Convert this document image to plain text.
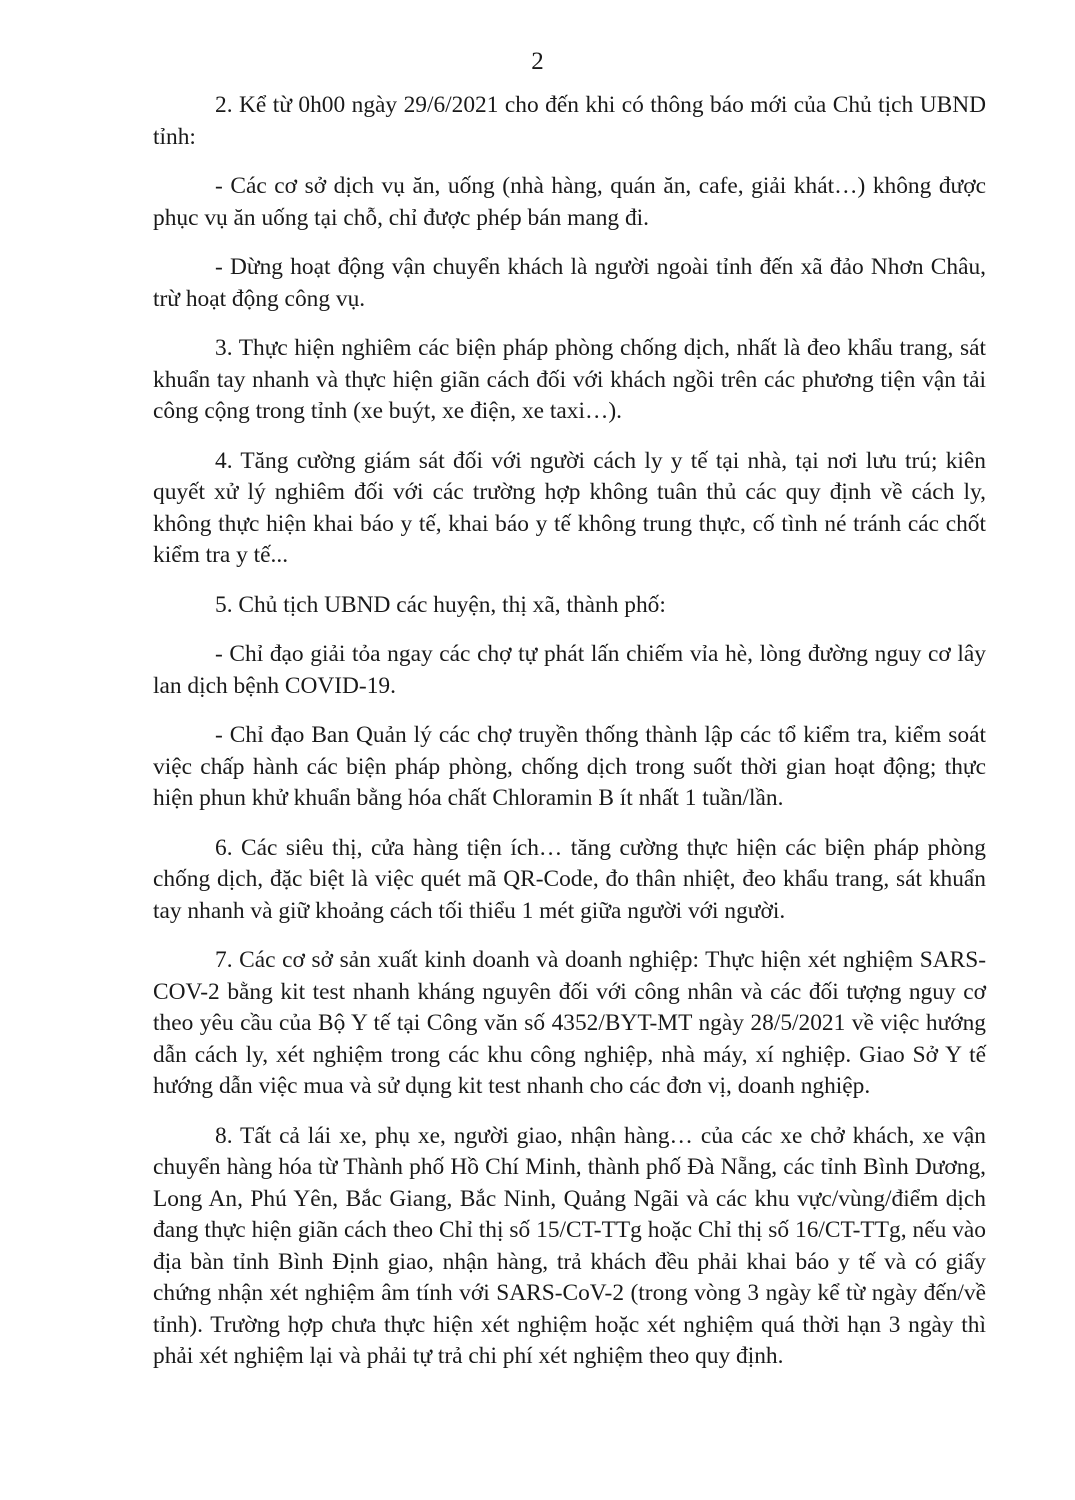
2

2. Kể từ 0h00 ngày 29/6/2021 cho đến khi có thông báo mới của Chủ tịch UBND tỉnh:

- Các cơ sở dịch vụ ăn, uống (nhà hàng, quán ăn, cafe, giải khát…) không được phục vụ ăn uống tại chỗ, chỉ được phép bán mang đi.

- Dừng hoạt động vận chuyển khách là người ngoài tỉnh đến xã đảo Nhơn Châu, trừ hoạt động công vụ.

3. Thực hiện nghiêm các biện pháp phòng chống dịch, nhất là đeo khẩu trang, sát khuẩn tay nhanh và thực hiện giãn cách đối với khách ngồi trên các phương tiện vận tải công cộng trong tỉnh (xe buýt, xe điện, xe taxi…).

4. Tăng cường giám sát đối với người cách ly y tế tại nhà, tại nơi lưu trú; kiên quyết xử lý nghiêm đối với các trường hợp không tuân thủ các quy định về cách ly, không thực hiện khai báo y tế, khai báo y tế không trung thực, cố tình né tránh các chốt kiểm tra y tế...

5. Chủ tịch UBND các huyện, thị xã, thành phố:

- Chỉ đạo giải tỏa ngay các chợ tự phát lấn chiếm vỉa hè, lòng đường nguy cơ lây lan dịch bệnh COVID-19.

- Chỉ đạo Ban Quản lý các chợ truyền thống thành lập các tổ kiểm tra, kiểm soát việc chấp hành các biện pháp phòng, chống dịch trong suốt thời gian hoạt động; thực hiện phun khử khuẩn bằng hóa chất Chloramin B ít nhất 1 tuần/lần.

6. Các siêu thị, cửa hàng tiện ích… tăng cường thực hiện các biện pháp phòng chống dịch, đặc biệt là việc quét mã QR-Code, đo thân nhiệt, đeo khẩu trang, sát khuẩn tay nhanh và giữ khoảng cách tối thiểu 1 mét giữa người với người.

7. Các cơ sở sản xuất kinh doanh và doanh nghiệp: Thực hiện xét nghiệm SARS-COV-2 bằng kit test nhanh kháng nguyên đối với công nhân và các đối tượng nguy cơ theo yêu cầu của Bộ Y tế tại Công văn số 4352/BYT-MT ngày 28/5/2021 về việc hướng dẫn cách ly, xét nghiệm trong các khu công nghiệp, nhà máy, xí nghiệp. Giao Sở Y tế hướng dẫn việc mua và sử dụng kit test nhanh cho các đơn vị, doanh nghiệp.

8. Tất cả lái xe, phụ xe, người giao, nhận hàng… của các xe chở khách, xe vận chuyển hàng hóa từ Thành phố Hồ Chí Minh, thành phố Đà Nẵng, các tỉnh Bình Dương, Long An, Phú Yên, Bắc Giang, Bắc Ninh, Quảng Ngãi và các khu vực/vùng/điểm dịch đang thực hiện giãn cách theo Chỉ thị số 15/CT-TTg hoặc Chỉ thị số 16/CT-TTg, nếu vào địa bàn tỉnh Bình Định giao, nhận hàng, trả khách đều phải khai báo y tế và có giấy chứng nhận xét nghiệm âm tính với SARS-CoV-2 (trong vòng 3 ngày kể từ ngày đến/về tỉnh). Trường hợp chưa thực hiện xét nghiệm hoặc xét nghiệm quá thời hạn 3 ngày thì phải xét nghiệm lại và phải tự trả chi phí xét nghiệm theo quy định.
